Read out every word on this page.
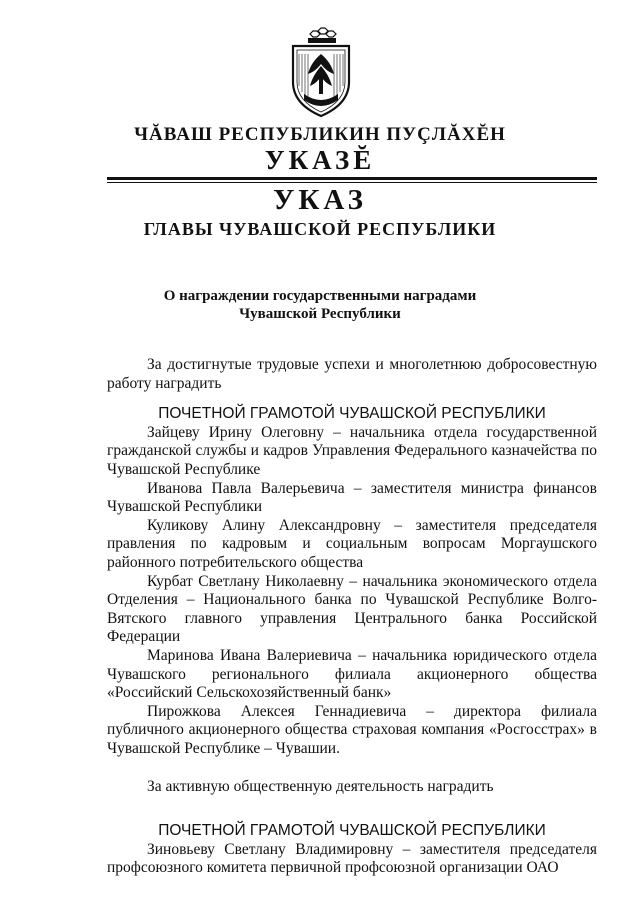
ЧĂВАШ РЕСПУБЛИКИН ПУÇЛĂХĔН
УКАЗĔ
УКАЗ
ГЛАВЫ ЧУВАШСКОЙ РЕСПУБЛИКИ
О награждении государственными наградами
Чувашской Республики

За достигнутые трудовые успехи и многолетнюю добросовестную работу наградить

ПОЧЕТНОЙ ГРАМОТОЙ ЧУВАШСКОЙ РЕСПУБЛИКИ

Зайцеву Ирину Олеговну – начальника отдела государственной гражданской службы и кадров Управления Федерального казначейства по Чувашской Республике

Иванова Павла Валерьевича – заместителя министра финансов Чувашской Республики

Куликову Алину Александровну – заместителя председателя правления по кадровым и социальным вопросам Моргаушского районного потребительского общества

Курбат Светлану Николаевну – начальника экономического отдела Отделения – Национального банка по Чувашской Республике Волго-Вятского главного управления Центрального банка Российской Федерации

Маринова Ивана Валериевича – начальника юридического отдела Чувашского регионального филиала акционерного общества «Российский Сельскохозяйственный банк»

Пирожкова Алексея Геннадиевича – директора филиала публичного акционерного общества страховая компания «Росгосстрах» в Чувашской Республике – Чувашии.

За активную общественную деятельность наградить

ПОЧЕТНОЙ ГРАМОТОЙ ЧУВАШСКОЙ РЕСПУБЛИКИ

Зиновьеву Светлану Владимировну – заместителя председателя профсоюзного комитета первичной профсоюзной организации ОАО
